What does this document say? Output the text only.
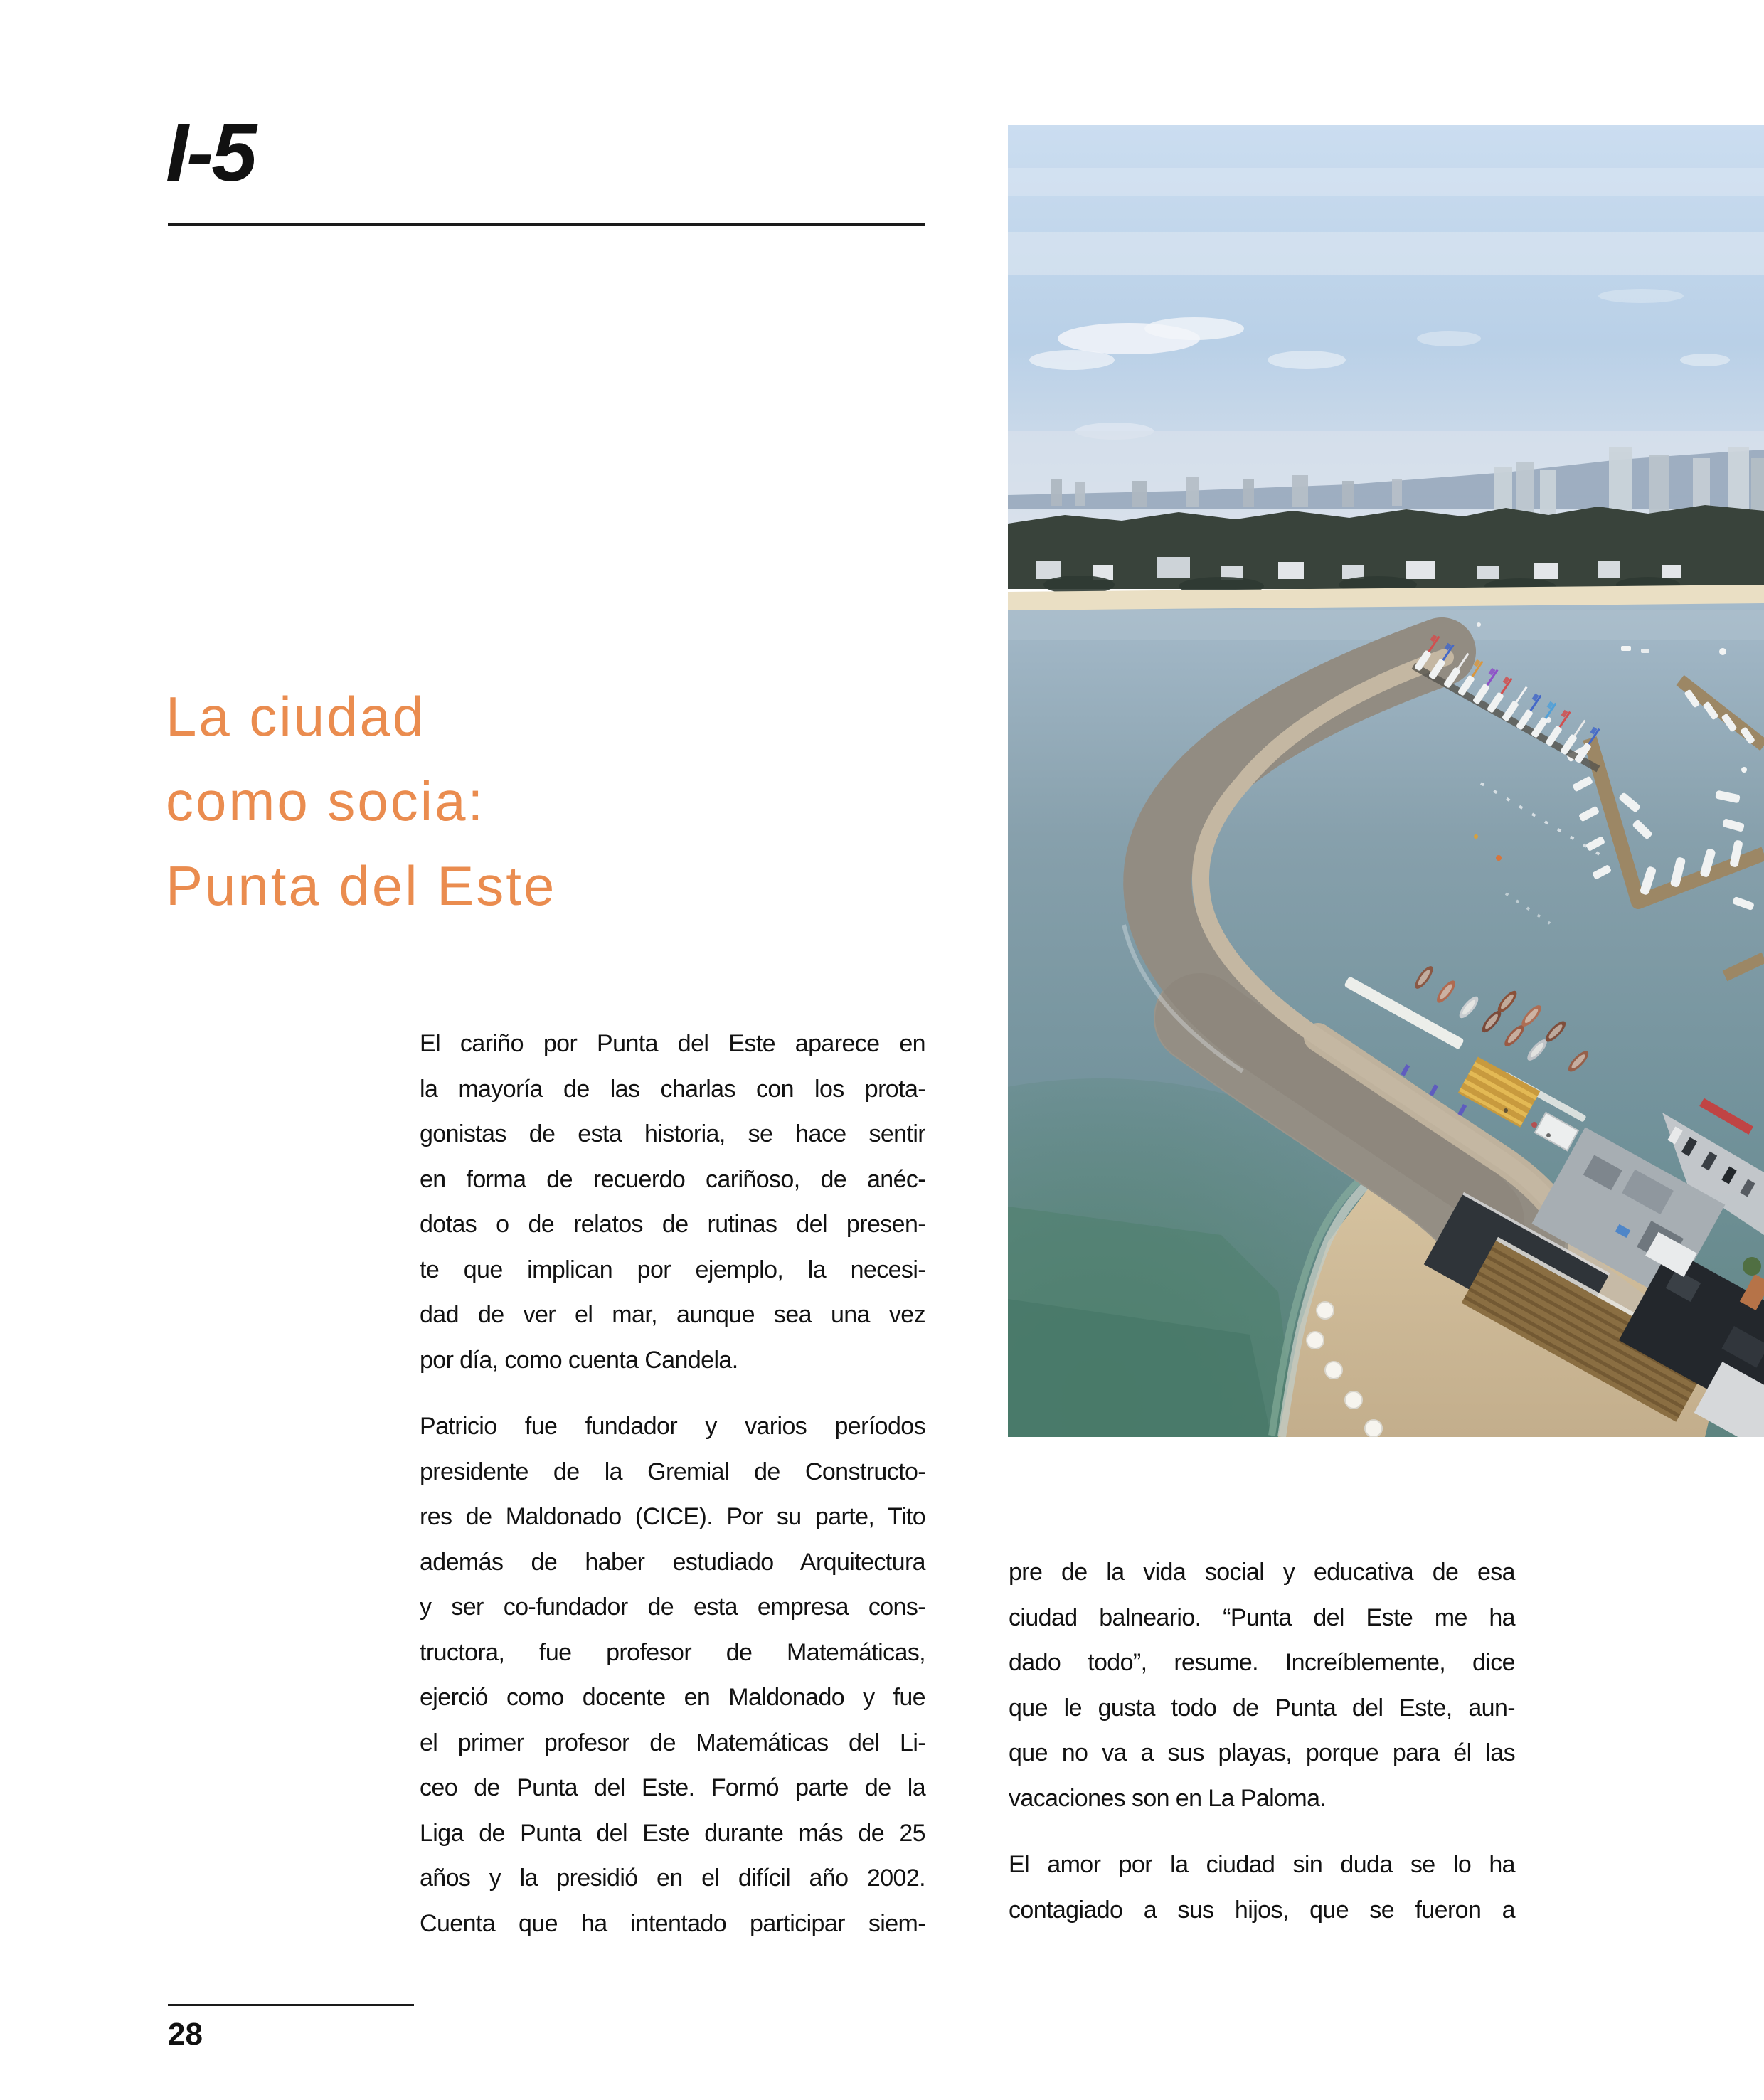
I-5
La ciudad
como socia:
Punta del Este
El cariño por Punta del Este aparece en
la mayoría de las charlas con los prota-
gonistas de esta historia, se hace sentir
en forma de recuerdo cariñoso, de anéc-
dotas o de relatos de rutinas del presen-
te que implican por ejemplo, la necesi-
dad de ver el mar, aunque sea una vez
por día, como cuenta Candela.
Patricio fue fundador y varios períodos
presidente de la Gremial de Constructo-
res de Maldonado (CICE). Por su parte, Tito
además de haber estudiado Arquitectura
y ser co-fundador de esta empresa cons-
tructora, fue profesor de Matemáticas,
ejerció como docente en Maldonado y fue
el primer profesor de Matemáticas del Li-
ceo de Punta del Este. Formó parte de la
Liga de Punta del Este durante más de 25
años y la presidió en el difícil año 2002.
Cuenta que ha intentado participar siem-
pre de la vida social y educativa de esa
ciudad balneario. “Punta del Este me ha
dado todo”, resume. Increíblemente, dice
que le gusta todo de Punta del Este, aun-
que no va a sus playas, porque para él las
vacaciones son en La Paloma.
El amor por la ciudad sin duda se lo ha
contagiado a sus hijos, que se fueron a
28
